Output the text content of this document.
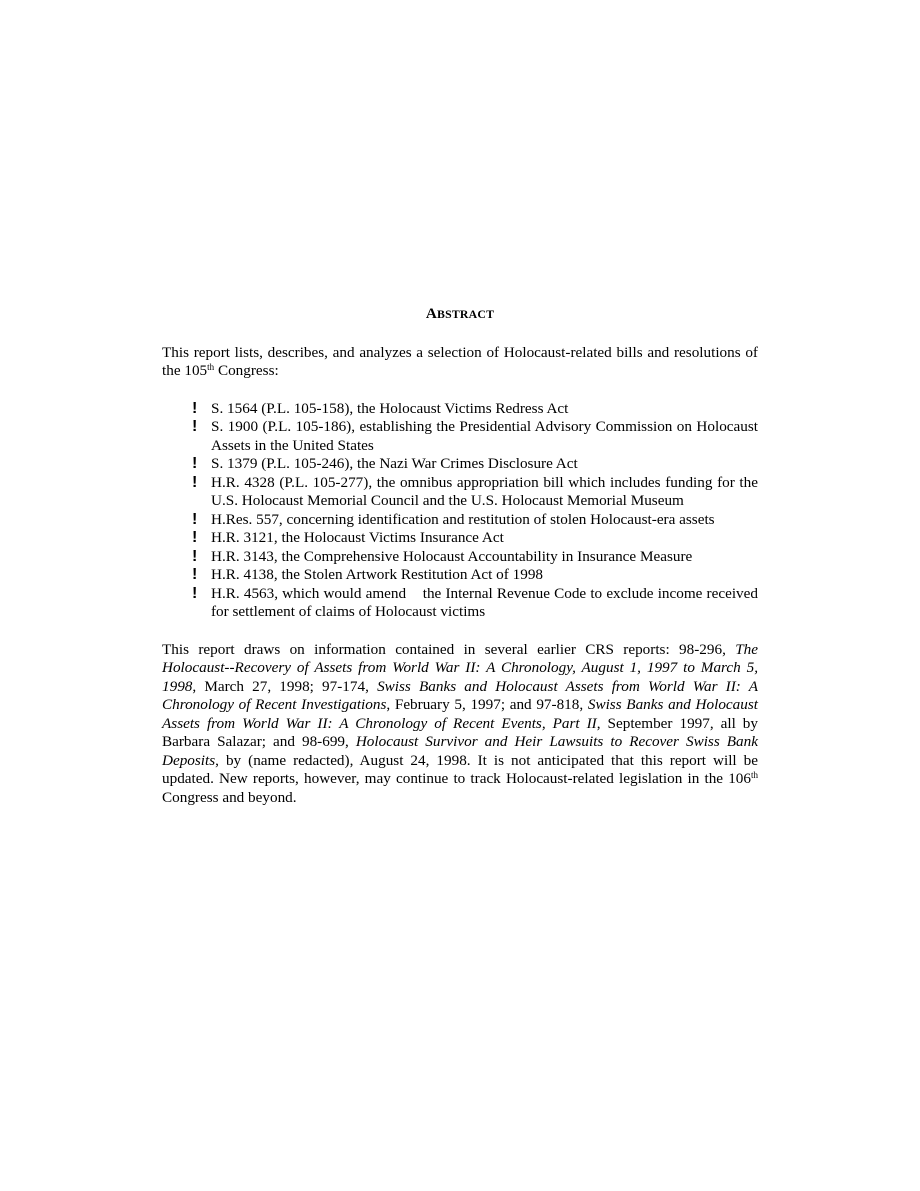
ABSTRACT

This report lists, describes, and analyzes a selection of Holocaust-related bills and resolutions of the 105th Congress:

!
S. 1564 (P.L. 105-158), the Holocaust Victims Redress Act
!
S. 1900 (P.L. 105-186), establishing the Presidential Advisory Commission on Holocaust Assets in the United States
!
S. 1379 (P.L. 105-246), the Nazi War Crimes Disclosure Act
!
H.R. 4328 (P.L. 105-277), the omnibus appropriation bill which includes funding for the U.S. Holocaust Memorial Council and the U.S. Holocaust Memorial Museum
!
H.Res. 557, concerning identification and restitution of stolen Holocaust-era assets
!
H.R. 3121, the Holocaust Victims Insurance Act
!
H.R. 3143, the Comprehensive Holocaust Accountability in Insurance Measure
!
H.R. 4138, the Stolen Artwork Restitution Act of 1998
!
H.R. 4563, which would amend    the Internal Revenue Code to exclude income received for settlement of claims of Holocaust victims

This report draws on information contained in several earlier CRS reports: 98-296, The Holocaust--Recovery of Assets from World War II: A Chronology, August 1, 1997 to March 5, 1998, March 27, 1998; 97-174, Swiss Banks and Holocaust Assets from World War II: A Chronology of Recent Investigations, February 5, 1997; and 97-818, Swiss Banks and Holocaust Assets from World War II: A Chronology of Recent Events, Part II, September 1997, all by Barbara Salazar; and 98-699, Holocaust Survivor and Heir Lawsuits to Recover Swiss Bank Deposits, by (name redacted), August 24, 1998. It is not anticipated that this report will be updated. New reports, however, may continue to track Holocaust-related legislation in the 106th Congress and beyond.
